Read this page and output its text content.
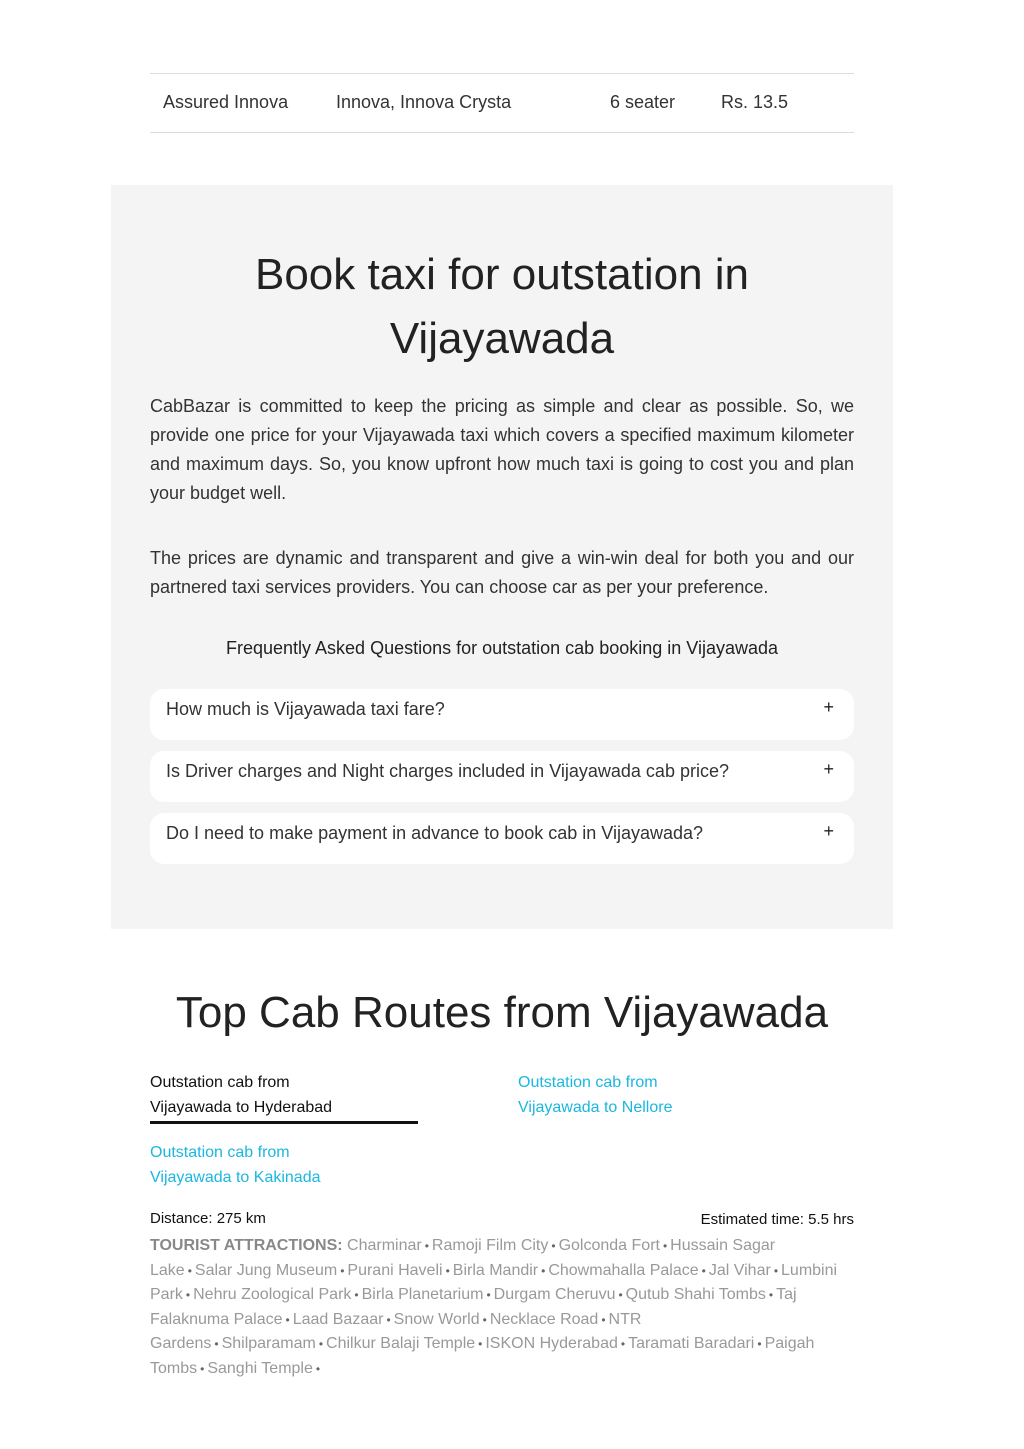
Assured Innova	Innova, Innova Crysta	6 seater	Rs. 13.5
Book taxi for outstation in
Vijayawada

CabBazar is committed to keep the pricing as simple and clear as possible. So, we provide one price for your Vijayawada taxi which covers a specified maximum kilometer and maximum days. So, you know upfront how much taxi is going to cost you and plan your budget well.

The prices are dynamic and transparent and give a win-win deal for both you and our partnered taxi services providers. You can choose car as per your preference.

Frequently Asked Questions for outstation cab booking in Vijayawada
How much is Vijayawada taxi fare?	+
Is Driver charges and Night charges included in Vijayawada cab price?	+
Do I need to make payment in advance to book cab in Vijayawada?	+
Top Cab Routes from Vijayawada
Outstation cab from
Vijayawada to Hyderabad
Outstation cab from
Vijayawada to Nellore
Outstation cab from
Vijayawada to Kakinada
Distance: 275 km	Estimated time: 5.5 hrs
TOURIST ATTRACTIONS: Charminar • Ramoji Film City • Golconda Fort • Hussain Sagar Lake • Salar Jung Museum • Purani Haveli • Birla Mandir • Chowmahalla Palace • Jal Vihar • Lumbini Park • Nehru Zoological Park • Birla Planetarium • Durgam Cheruvu • Qutub Shahi Tombs • Taj Falaknuma Palace • Laad Bazaar • Snow World • Necklace Road • NTR Gardens • Shilparamam • Chilkur Balaji Temple • ISKON Hyderabad • Taramati Baradari • Paigah Tombs • Sanghi Temple •
